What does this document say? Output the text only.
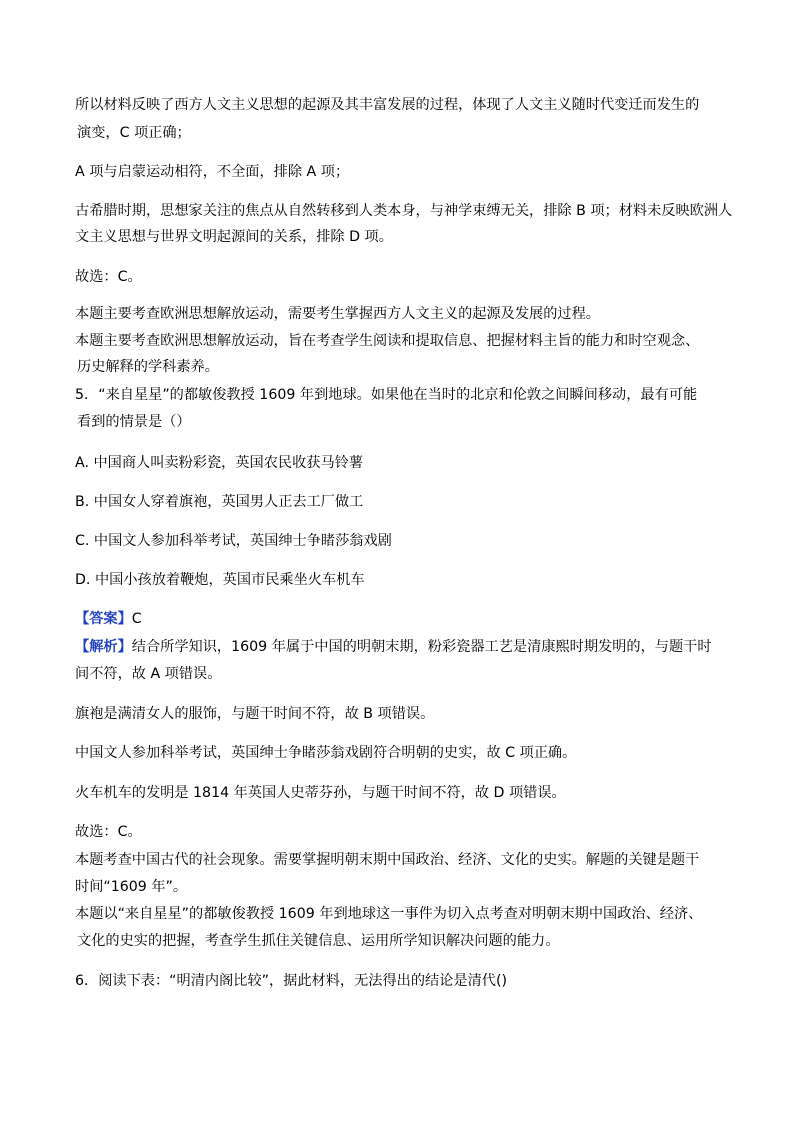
所以材料反映了西方人文主义思想的起源及其丰富发展的过程，体现了人文主义随时代变迁而发生的
演变，C 项正确；
A 项与启蒙运动相符，不全面，排除 A 项；
古希腊时期，思想家关注的焦点从自然转移到人类本身，与神学束缚无关，排除 B 项；材料未反映欧洲人
文主义思想与世界文明起源间的关系，排除 D 项。
故选：C。
本题主要考查欧洲思想解放运动，需要考生掌握西方人文主义的起源及发展的过程。
本题主要考查欧洲思想解放运动，旨在考查学生阅读和提取信息、把握材料主旨的能力和时空观念、
历史解释的学科素养。
5．“来自星星”的都敏俊教授 1609 年到地球。如果他在当时的北京和伦敦之间瞬间移动，最有可能
看到的情景是（）
A. 中国商人叫卖粉彩瓷，英国农民收获马铃薯
B. 中国女人穿着旗袍，英国男人正去工厂做工
C. 中国文人参加科举考试，英国绅士争睹莎翁戏剧
D. 中国小孩放着鞭炮，英国市民乘坐火车机车
【答案】C
【解析】结合所学知识，1609 年属于中国的明朝末期，粉彩瓷器工艺是清康熙时期发明的，与题干时
间不符，故 A 项错误。
旗袍是满清女人的服饰，与题干时间不符，故 B 项错误。
中国文人参加科举考试，英国绅士争睹莎翁戏剧符合明朝的史实，故 C 项正确。
火车机车的发明是 1814 年英国人史蒂芬孙，与题干时间不符，故 D 项错误。
故选：C。
本题考查中国古代的社会现象。需要掌握明朝末期中国政治、经济、文化的史实。解题的关键是题干
时间“1609 年”。
本题以“来自星星”的都敏俊教授 1609 年到地球这一事件为切入点考查对明朝末期中国政治、经济、
文化的史实的把握，考查学生抓住关键信息、运用所学知识解决问题的能力。
6．阅读下表：“明清内阁比较”，据此材料，无法得出的结论是清代()
